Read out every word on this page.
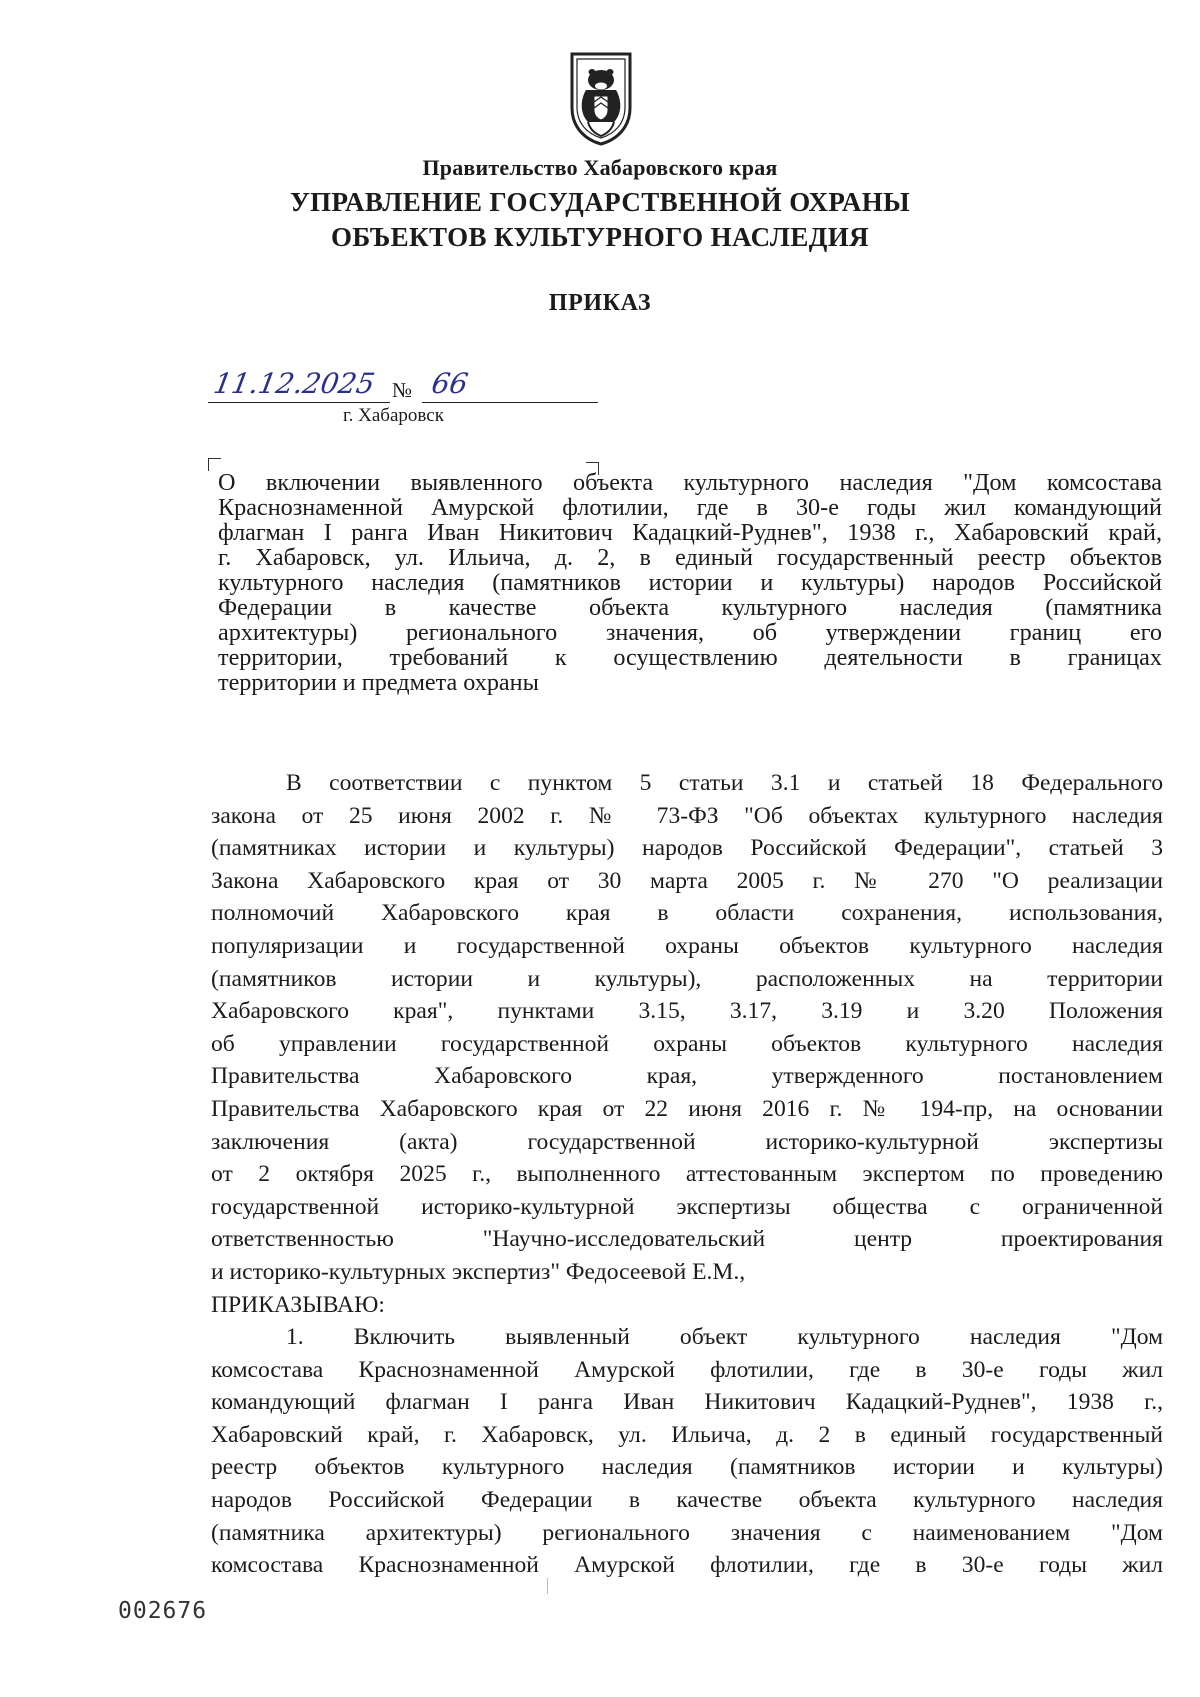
Правительство Хабаровского края
УПРАВЛЕНИЕ ГОСУДАРСТВЕННОЙ ОХРАНЫ
ОБЪЕКТОВ КУЛЬТУРНОГО НАСЛЕДИЯ
ПРИКАЗ
11.12.2025 № 66
г. Хабаровск
О включении выявленного объекта культурного наследия "Дом комсостава
Краснознаменной Амурской флотилии, где в 30-е годы жил командующий
флагман I ранга Иван Никитович Кадацкий-Руднев", 1938 г., Хабаровский край,
г. Хабаровск, ул. Ильича, д. 2, в единый государственный реестр объектов
культурного наследия (памятников истории и культуры) народов Российской
Федерации в качестве объекта культурного наследия (памятника
архитектуры) регионального значения, об утверждении границ его
территории, требований к осуществлению деятельности в границах
территории и предмета охраны
В соответствии с пунктом 5 статьи 3.1 и статьей 18 Федерального
закона от 25 июня 2002 г. № 73-ФЗ "Об объектах культурного наследия
(памятниках истории и культуры) народов Российской Федерации", статьей 3
Закона Хабаровского края от 30 марта 2005 г. № 270 "О реализации
полномочий Хабаровского края в области сохранения, использования,
популяризации и государственной охраны объектов культурного наследия
(памятников истории и культуры), расположенных на территории
Хабаровского края", пунктами 3.15, 3.17, 3.19 и 3.20 Положения
об управлении государственной охраны объектов культурного наследия
Правительства Хабаровского края, утвержденного постановлением
Правительства Хабаровского края от 22 июня 2016 г. № 194-пр, на основании
заключения (акта) государственной историко-культурной экспертизы
от 2 октября 2025 г., выполненного аттестованным экспертом по проведению
государственной историко-культурной экспертизы общества с ограниченной
ответственностью "Научно-исследовательский центр проектирования
и историко-культурных экспертиз" Федосеевой Е.М.,
ПРИКАЗЫВАЮ:
1. Включить выявленный объект культурного наследия "Дом
комсостава Краснознаменной Амурской флотилии, где в 30-е годы жил
командующий флагман I ранга Иван Никитович Кадацкий-Руднев", 1938 г.,
Хабаровский край, г. Хабаровск, ул. Ильича, д. 2 в единый государственный
реестр объектов культурного наследия (памятников истории и культуры)
народов Российской Федерации в качестве объекта культурного наследия
(памятника архитектуры) регионального значения с наименованием "Дом
комсостава Краснознаменной Амурской флотилии, где в 30-е годы жил
002676
